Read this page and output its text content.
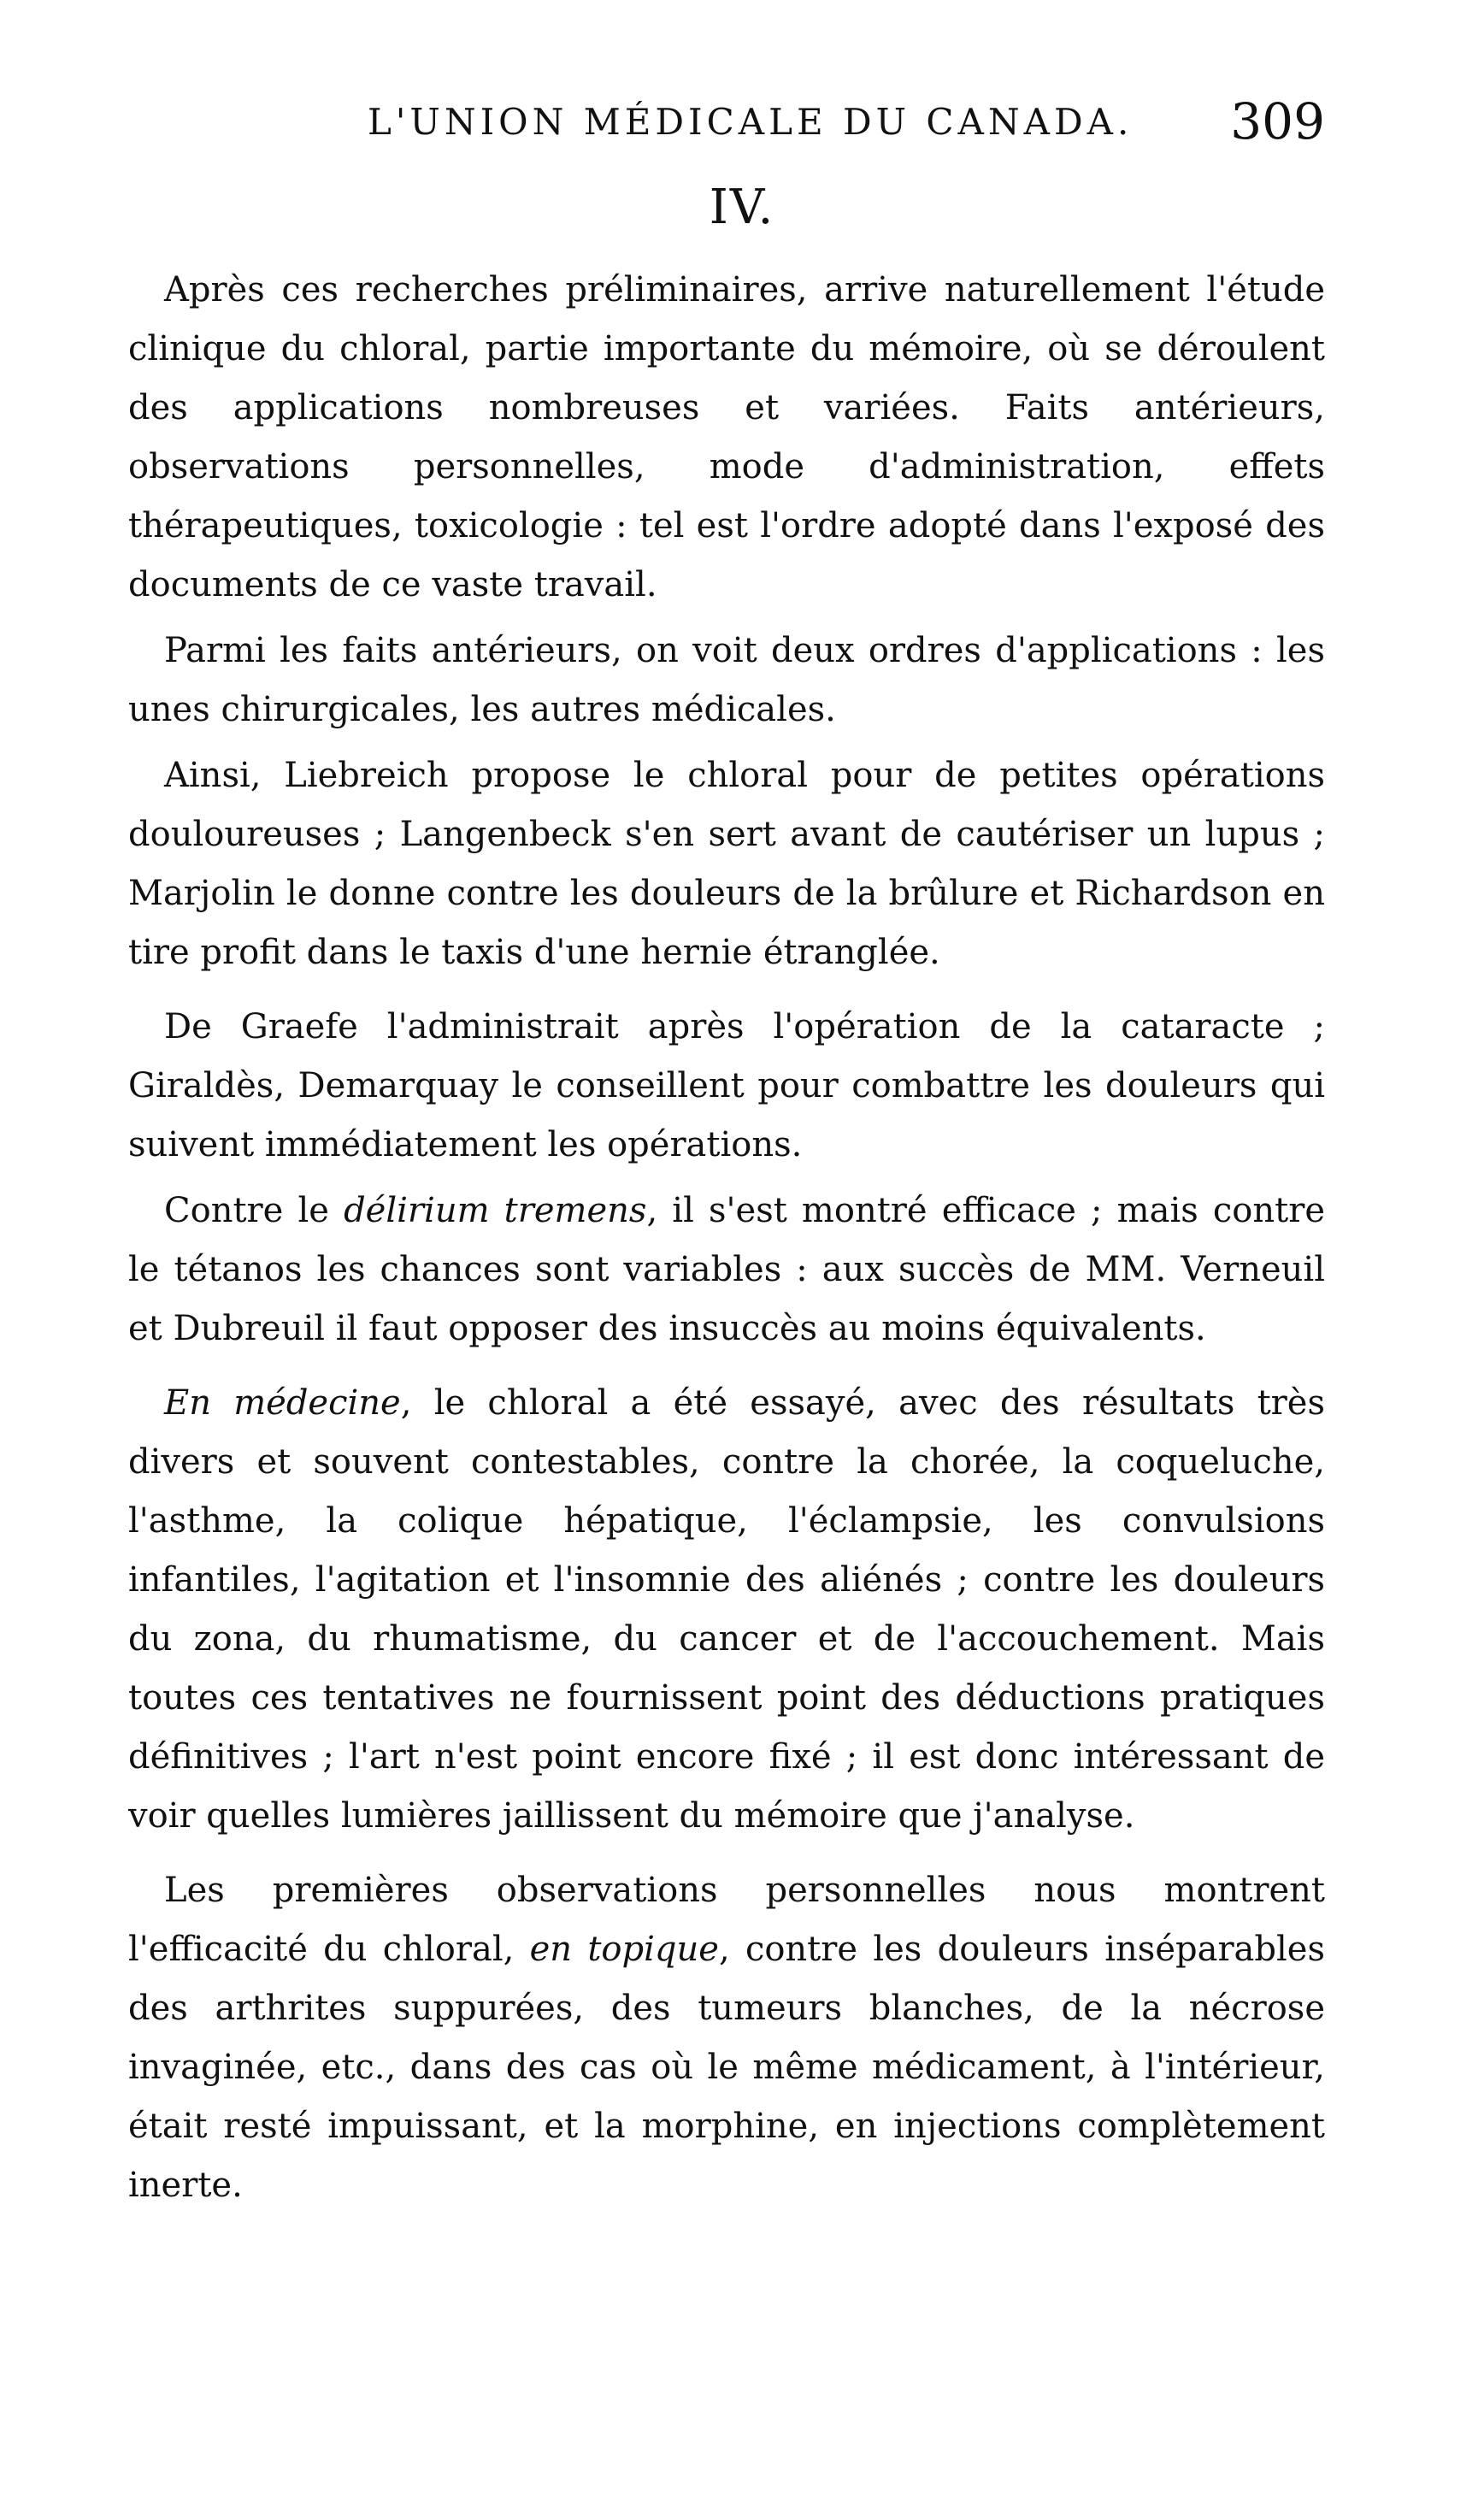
L'UNION MÉDICALE DU CANADA. 309
IV.

Après ces recherches préliminaires, arrive naturellement l'étude clinique du chloral, partie importante du mémoire, où se déroulent des applications nombreuses et variées. Faits antérieurs, observations personnelles, mode d'administration, effets thérapeutiques, toxicologie : tel est l'ordre adopté dans l'exposé des documents de ce vaste travail.

Parmi les faits antérieurs, on voit deux ordres d'applications : les unes chirurgicales, les autres médicales.

Ainsi, Liebreich propose le chloral pour de petites opérations douloureuses ; Langenbeck s'en sert avant de cautériser un lupus ; Marjolin le donne contre les douleurs de la brûlure et Richardson en tire profit dans le taxis d'une hernie étranglée.

De Graefe l'administrait après l'opération de la cataracte ; Giraldès, Demarquay le conseillent pour combattre les douleurs qui suivent immédiatement les opérations.

Contre le délirium tremens, il s'est montré efficace ; mais contre le tétanos les chances sont variables : aux succès de MM. Verneuil et Dubreuil il faut opposer des insuccès au moins équivalents.

En médecine, le chloral a été essayé, avec des résultats très divers et souvent contestables, contre la chorée, la coqueluche, l'asthme, la colique hépatique, l'éclampsie, les convulsions infantiles, l'agitation et l'insomnie des aliénés ; contre les douleurs du zona, du rhumatisme, du cancer et de l'accouchement. Mais toutes ces tentatives ne fournissent point des déductions pratiques définitives ; l'art n'est point encore fixé ; il est donc intéressant de voir quelles lumières jaillissent du mémoire que j'analyse.

Les premières observations personnelles nous montrent l'efficacité du chloral, en topique, contre les douleurs inséparables des arthrites suppurées, des tumeurs blanches, de la nécrose invaginée, etc., dans des cas où le même médicament, à l'intérieur, était resté impuissant, et la morphine, en injections complètement inerte.
